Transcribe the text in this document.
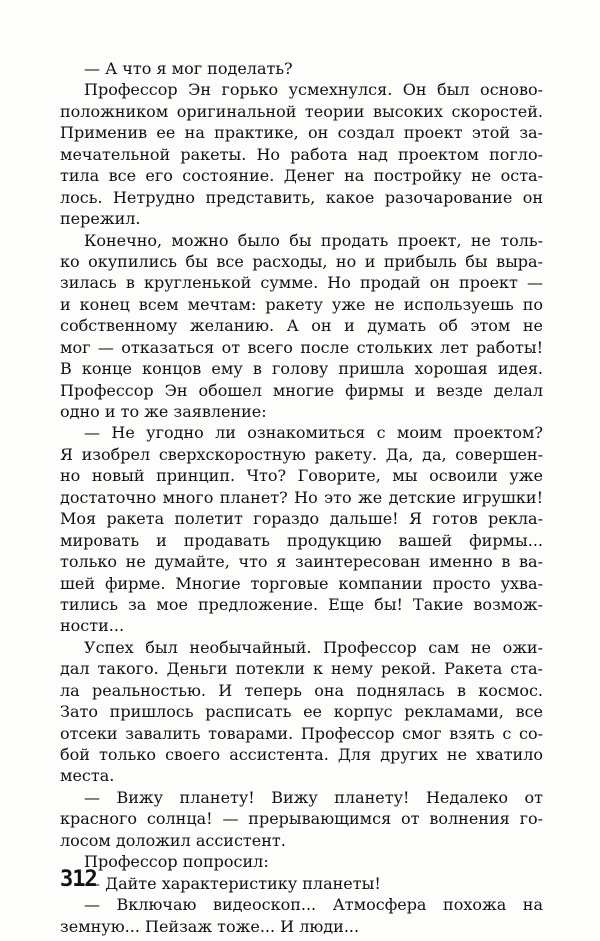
— А что я мог поделать?
Профессор Эн горько усмехнулся. Он был осново-
положником оригинальной теории высоких скоростей.
Применив ее на практике, он создал проект этой за-
мечательной ракеты. Но работа над проектом погло-
тила все его состояние. Денег на постройку не оста-
лось. Нетрудно представить, какое разочарование он
пережил.
Конечно, можно было бы продать проект, не толь-
ко окупились бы все расходы, но и прибыль бы выра-
зилась в кругленькой сумме. Но продай он проект —
и конец всем мечтам: ракету уже не используешь по
собственному желанию. А он и думать об этом не
мог — отказаться от всего после стольких лет работы!
В конце концов ему в голову пришла хорошая идея.
Профессор Эн обошел многие фирмы и везде делал
одно и то же заявление:
— Не угодно ли ознакомиться с моим проектом?
Я изобрел сверхскоростную ракету. Да, да, совершен-
но новый принцип. Что? Говорите, мы освоили уже
достаточно много планет? Но это же детские игрушки!
Моя ракета полетит гораздо дальше! Я готов рекла-
мировать и продавать продукцию вашей фирмы...
только не думайте, что я заинтересован именно в ва-
шей фирме. Многие торговые компании просто ухва-
тились за мое предложение. Еще бы! Такие возмож-
ности...
Успех был необычайный. Профессор сам не ожи-
дал такого. Деньги потекли к нему рекой. Ракета ста-
ла реальностью. И теперь она поднялась в космос.
Зато пришлось расписать ее корпус рекламами, все
отсеки завалить товарами. Профессор смог взять с со-
бой только своего ассистента. Для других не хватило
места.
— Вижу планету! Вижу планету! Недалеко от
красного солнца! — прерывающимся от волнения го-
лосом доложил ассистент.
Профессор попросил:
— Дайте характеристику планеты!
— Включаю видеоскоп... Атмосфера похожа на
земную... Пейзаж тоже... И люди...
312
